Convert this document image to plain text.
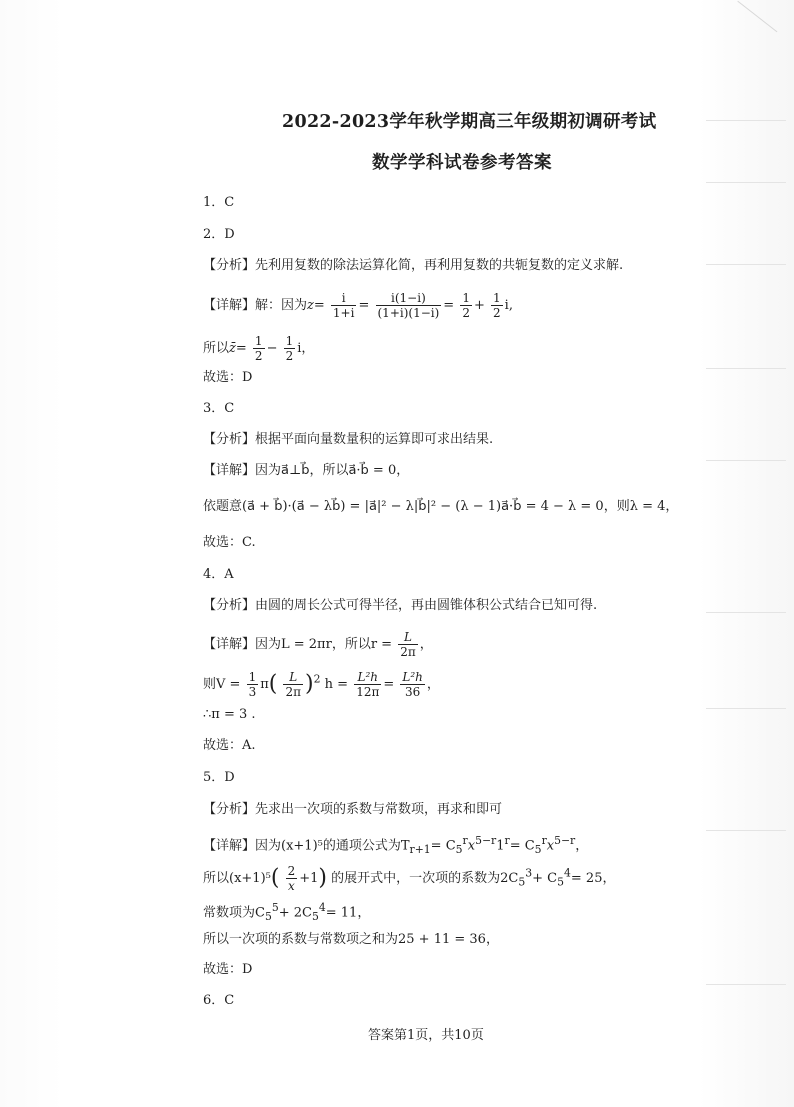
2022-2023学年秋学期高三年级期初调研考试
数学学科试卷参考答案
1．C
2．D
【分析】先利用复数的除法运算化简，再利用复数的共轭复数的定义求解.
【详解】解：因为$z= \frac{i}{1+i} = \frac{i(1-i)}{(1+i)(1-i)} = \frac{1}{2} + \frac{1}{2} i$,
所以z̄= $\frac{1}{2} - \frac{1}{2}$ i，
故选：D
3．C
【分析】根据平面向量数量积的运算即可求出结果.
【详解】因为a⃗⊥b⃗，所以a⃗·b⃗ = 0，
依题意(a⃗ + b⃗)·(a⃗ − λb⃗) = |a⃗|² − λ|b⃗|² − (λ − 1)a⃗·b⃗ = 4 − λ = 0，则λ = 4，
故选：C.
4．A
【分析】由圆的周长公式可得半径，再由圆锥体积公式结合已知可得.
【详解】因为L = 2πr，所以$r = \frac{L}{2\pi}$ ，
则$V = \frac{1}{3} \pi( \frac{L}{2\pi} )^2$ $h = \frac{\text{L²h}}{12\pi} = \frac{\text{L²h}}{36}$ ，
∴π = 3 .
故选：A.
5．D
【分析】先求出一次项的系数与常数项，再求和即可
【详解】因为(x+1)⁵的通项公式为$T_{r+1}= C_5^rx^{5-r}1^r= C_5^rx^{5-r}$，
所以$(x+1)^5( \frac{2}{x} +1)$ 的展开式中，一次项的系数为$2C_5^3+ C_5^4= 25$，
常数项为$C_5^5+ 2C_5^4= 11$，
所以一次项的系数与常数项之和为25 + 11 = 36，
故选：D
6．C
答案第1页，共10页
